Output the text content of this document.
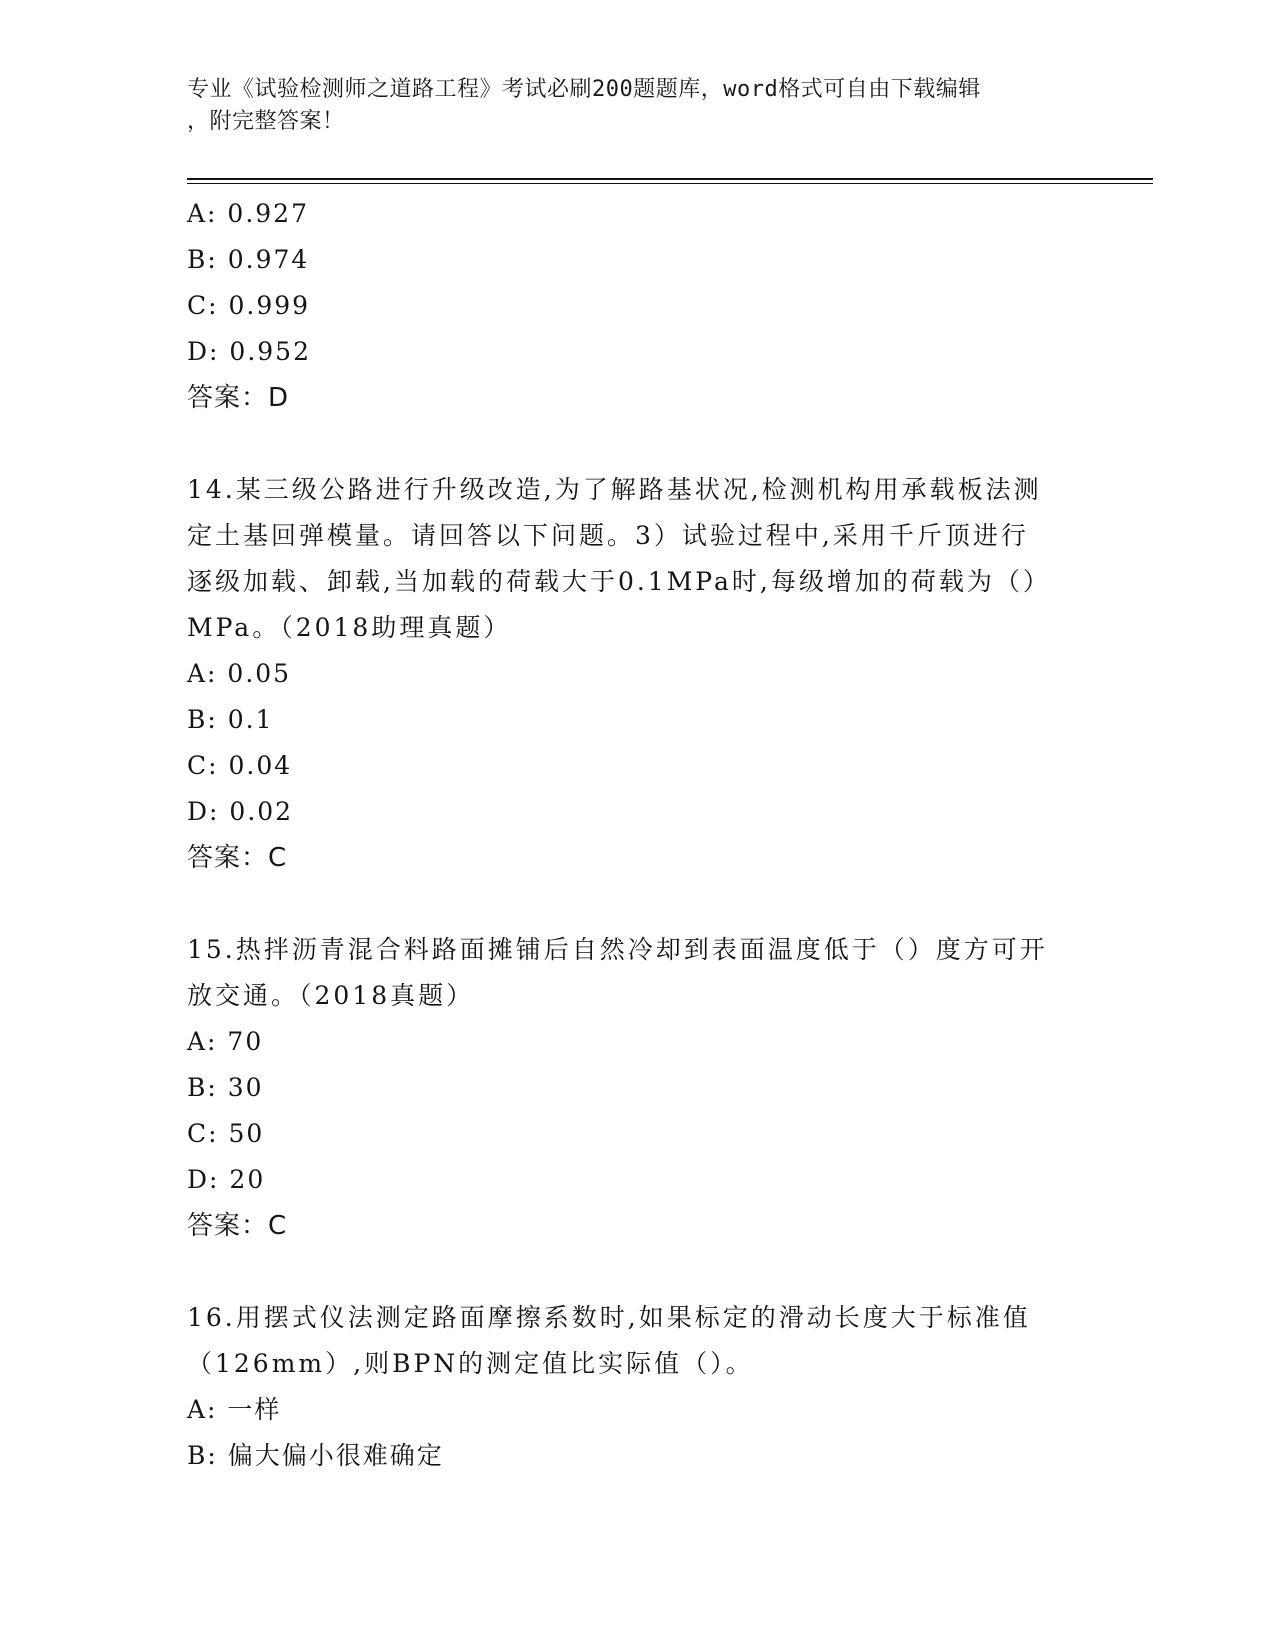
专业《试验检测师之道路工程》考试必刷200题题库，word格式可自由下载编辑
，附完整答案！
A: 0.927
B: 0.974
C: 0.999
D: 0.952
答案：D
14.某三级公路进行升级改造,为了解路基状况,检测机构用承载板法测
定土基回弹模量。请回答以下问题。3）试验过程中,采用千斤顶进行
逐级加载、卸载,当加载的荷载大于0.1MPa时,每级增加的荷载为（）
MPa。（2018助理真题）
A: 0.05
B: 0.1
C: 0.04
D: 0.02
答案：C
15.热拌沥青混合料路面摊铺后自然冷却到表面温度低于（）度方可开
放交通。（2018真题）
A: 70
B: 30
C: 50
D: 20
答案：C
16.用摆式仪法测定路面摩擦系数时,如果标定的滑动长度大于标准值
（126mm）,则BPN的测定值比实际值（）。
A: 一样
B: 偏大偏小很难确定
